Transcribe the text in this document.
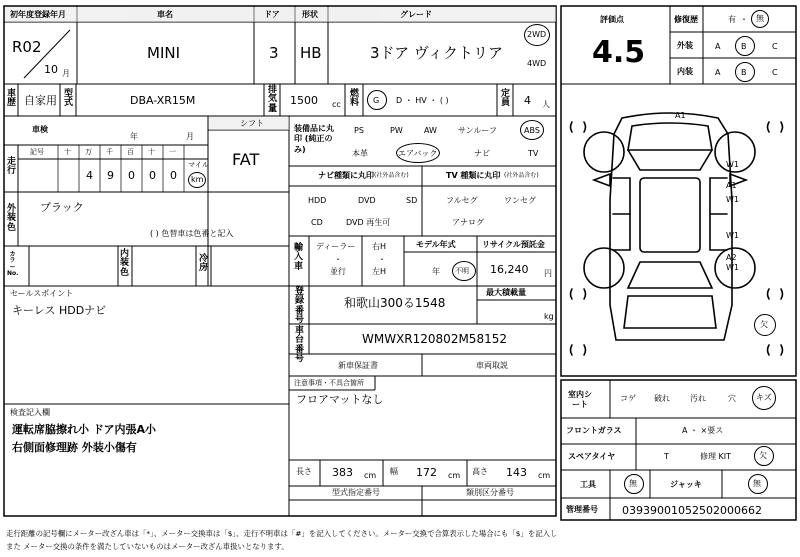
A1
W1
A1
W1
W1
A2
W1
欠
初年度登録年月
R02
10 月
車名
MINI
ドア
3
形状
HB
グレード
3ドア ヴィクトリア
2WD
4WD
評価点
4.5
修復歴	有 ・ 無
外装	A	B	C
内装	A	B	C
車歴 自家用 型式	DBA-XR15M
排気量
1500 cc
燃料 G D ・ HV ・ ( )
定員 4 人
車検
年	月
シフト
FAT
走行
記号	十 万 千 百 十 一
4 9 0 0 0
マイル
km
外装色
ブラック
( ) 色替車は色番と記入
カラーNo.
内装色
冷房
セールスポイント
キーレス HDDナビ
検査記入欄
運転席脇擦れ小 ドア内張A小
右側面修理跡 外装小傷有
装備品に丸印 (純正のみ)
PS	PW	AW	サンルーフ	ABS
本革	エアバック	ナビ	TV
ナビ種類に丸印 (社外品含む)	TV 種類に丸印 (社外品含む)
HDD	DVD	SD
CD	DVD 再生可
フルセグ	ワンセグ
アナログ
輸入車
ディーラー
・
並行
右H
・
左H
モデル年式
年 不明
リサイクル預託金
16,240 円
登録番号
和歌山300る1548
最大積載量
kg
車台番号
WMWXR120802M58152
新車保証書	車両取説
注意事項・不具合箇所
フロアマットなし
長さ 383 cm 幅 172 cm 高さ 143 cm
型式指定番号	類別区分番号
室内シート
コゲ 破れ	汚れ	穴	キズ
フロントガラス	A ・ ×要ス
スペアタイヤ	T	修理 KIT	欠
工具	無	ジャッキ	無
管理番号 03939001052502000662
走行距離の記号欄にメーター改ざん車は「*」、メーター交換車は「$」、走行不明車は「#」を記入してください。メーター交換で合算表示した場合にも「$」を記入し
また メーター交換の条件を満たしていないものはメーター改ざん車扱いとなります。
